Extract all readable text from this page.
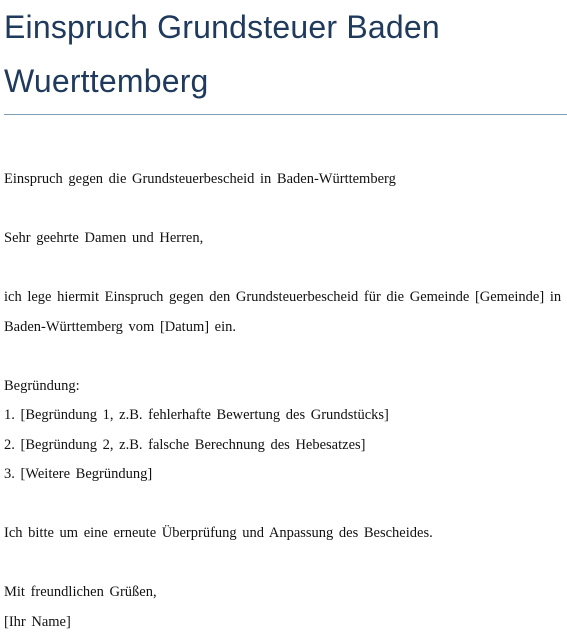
Einspruch Grundsteuer Baden
Wuerttemberg
Einspruch gegen die Grundsteuerbescheid in Baden-Württemberg
Sehr geehrte Damen und Herren,
ich lege hiermit Einspruch gegen den Grundsteuerbescheid für die Gemeinde [Gemeinde] in
Baden-Württemberg vom [Datum] ein.
Begründung:
1. [Begründung 1, z.B. fehlerhafte Bewertung des Grundstücks]
2. [Begründung 2, z.B. falsche Berechnung des Hebesatzes]
3. [Weitere Begründung]
Ich bitte um eine erneute Überprüfung und Anpassung des Bescheides.
Mit freundlichen Grüßen,
[Ihr Name]
